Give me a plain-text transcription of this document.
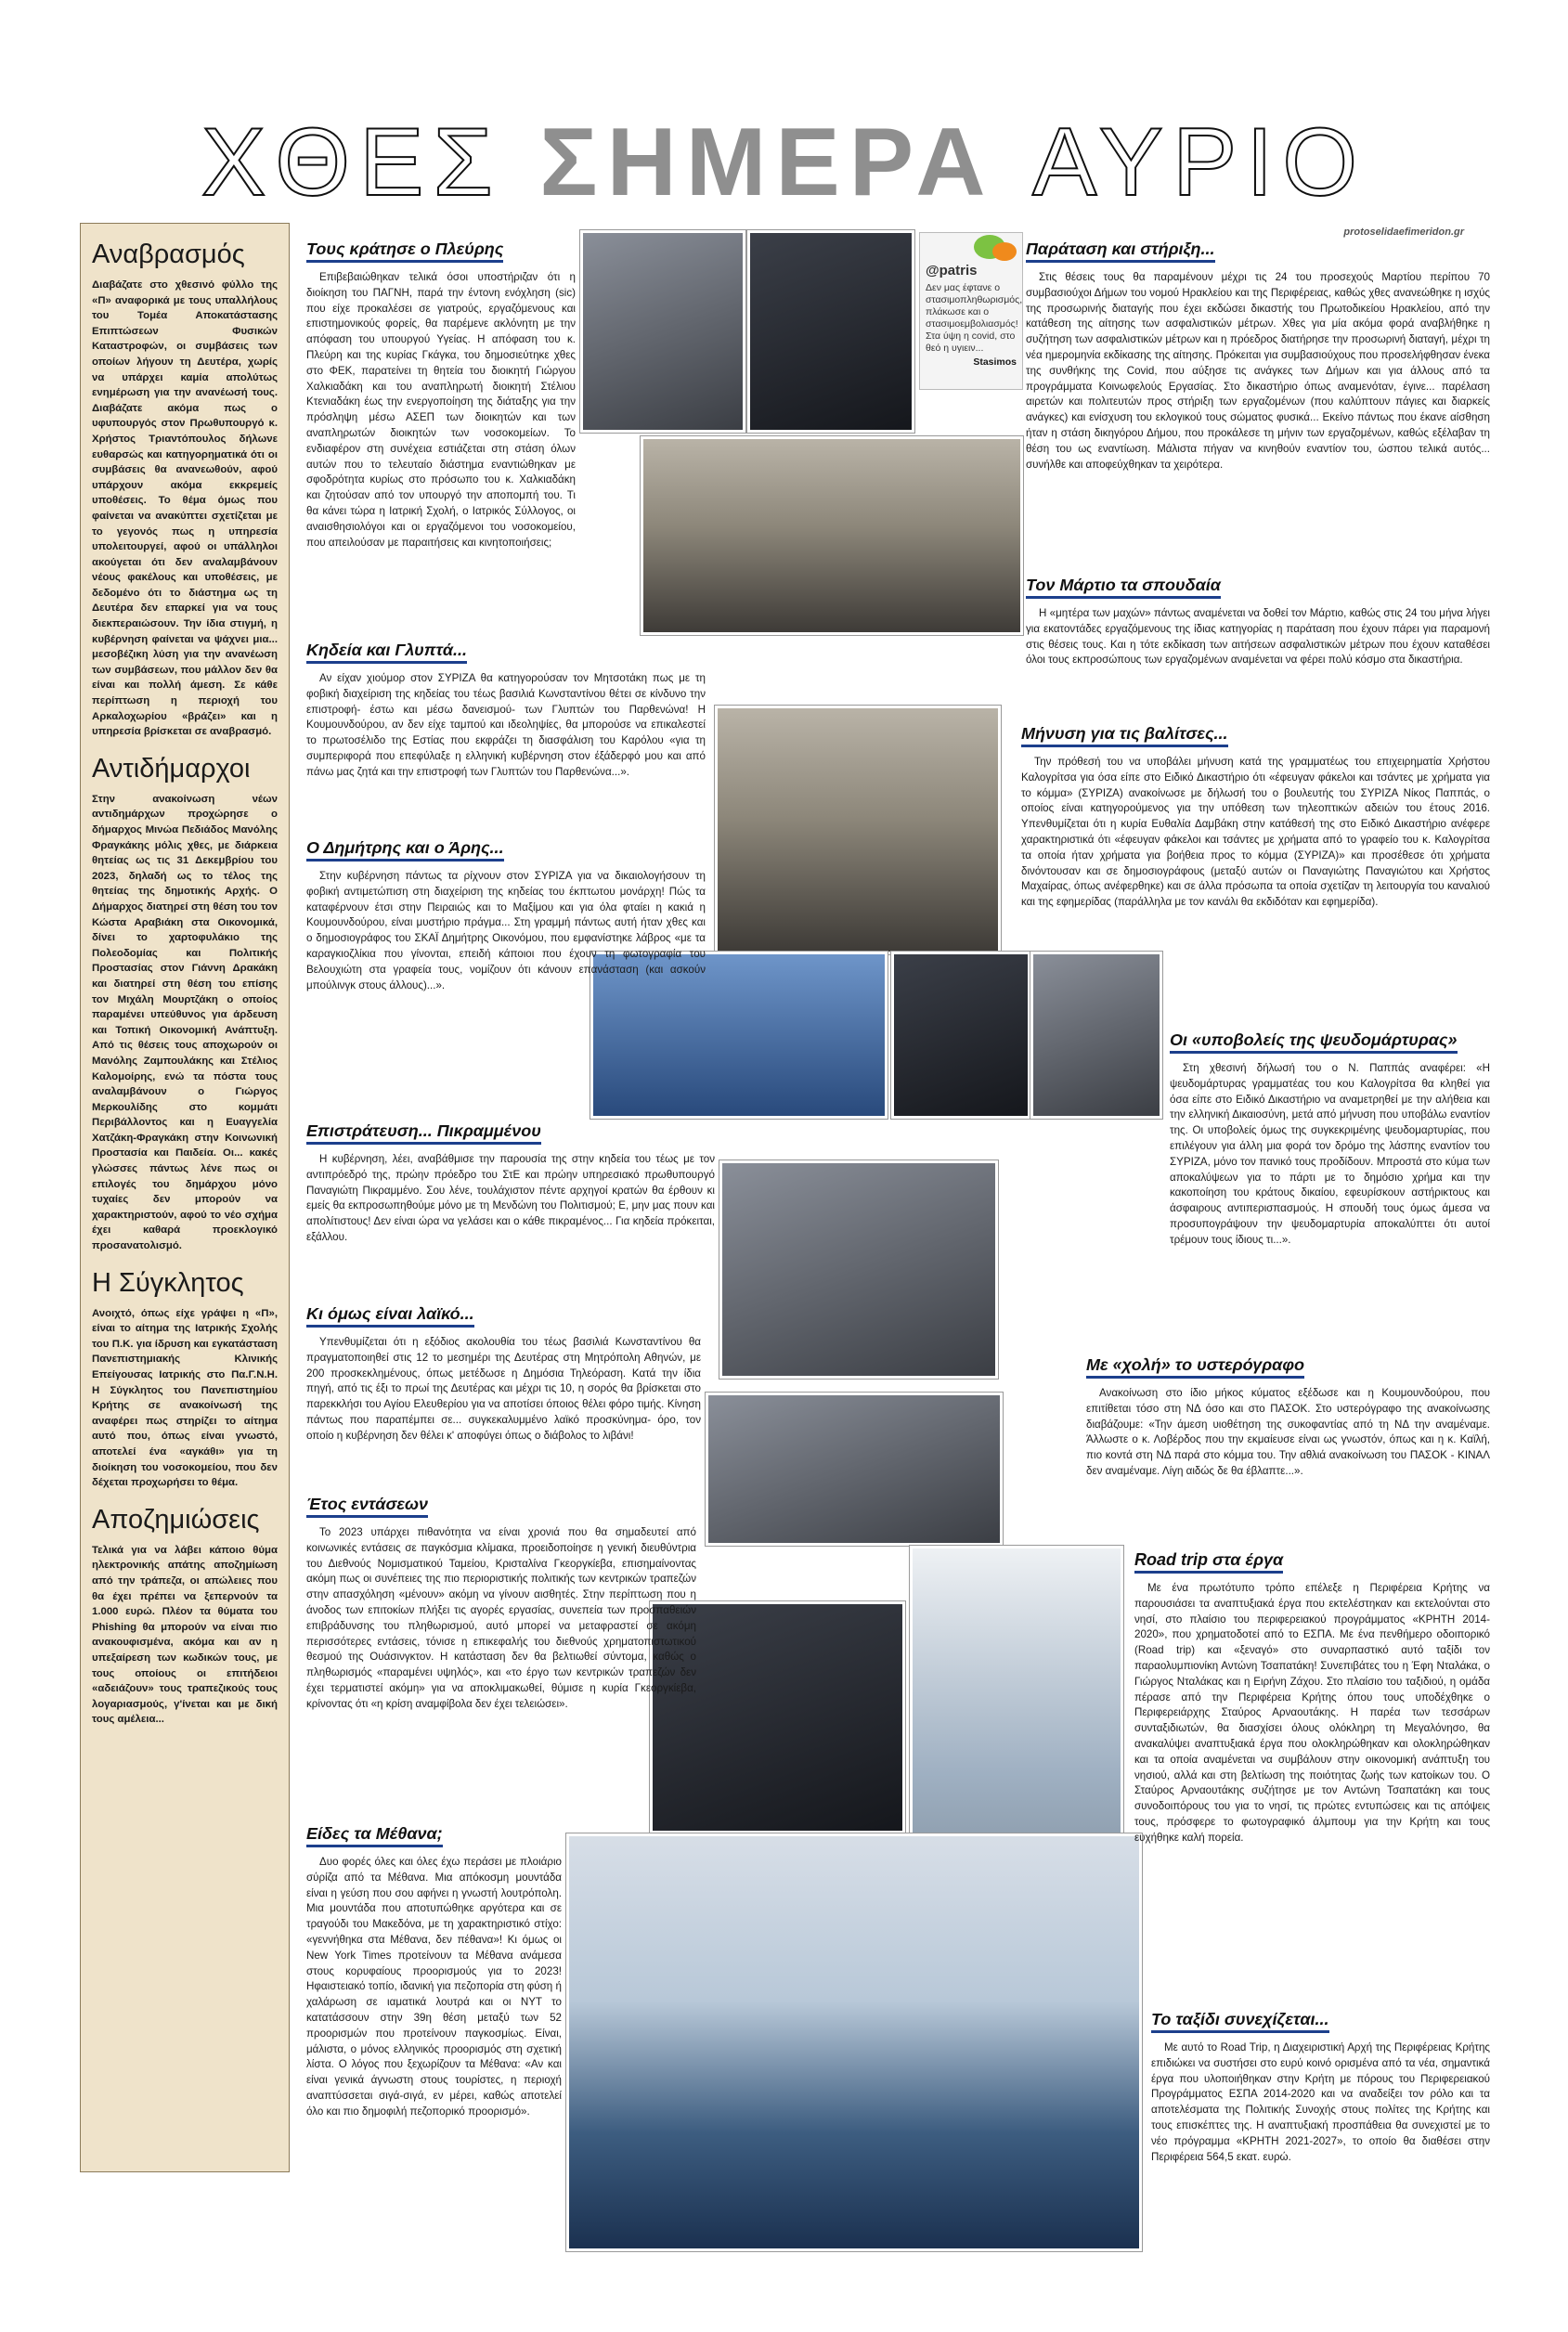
ΧΘΕΣ ΣΗΜΕΡΑ ΑΥΡΙΟ
protoselidaefimeridon.gr
Αναβρασμός

Διαβάζατε στο χθεσινό φύλλο της «Π» αναφορικά με τους υπαλλήλους του Τομέα Αποκατάστασης Επιπτώσεων Φυσικών Καταστροφών, οι συμβάσεις των οποίων λήγουν τη Δευτέρα, χωρίς να υπάρχει καμία απολύτως ενημέρωση για την ανανέωσή τους. Διαβάζατε ακόμα πως ο υφυπουργός στον Πρωθυπουργό κ. Χρήστος Τριαντόπουλος δήλωνε ευθαρσώς και κατηγορηματικά ότι οι συμβάσεις θα ανανεωθούν, αφού υπάρχουν ακόμα εκκρεμείς υποθέσεις. Το θέμα όμως που φαίνεται να ανακύπτει σχετίζεται με το γεγονός πως η υπηρεσία υπολειτουργεί, αφού οι υπάλληλοι ακούγεται ότι δεν αναλαμβάνουν νέους φακέλους και υποθέσεις, με δεδομένο ότι το διάστημα ως τη Δευτέρα δεν επαρκεί για να τους διεκπεραιώσουν. Την ίδια στιγμή, η κυβέρνηση φαίνεται να ψάχνει μια... μεσοβέζικη λύση για την ανανέωση των συμβάσεων, που μάλλον δεν θα είναι και πολλή άμεση. Σε κάθε περίπτωση η περιοχή του Αρκαλοχωρίου «βράζει» και η υπηρεσία βρίσκεται σε αναβρασμό.

Αντιδήμαρχοι

Στην ανακοίνωση νέων αντιδημάρχων προχώρησε ο δήμαρχος Μινώα Πεδιάδος Μανόλης Φραγκάκης μόλις χθες, με διάρκεια θητείας ως τις 31 Δεκεμβρίου του 2023, δηλαδή ως το τέλος της θητείας της δημοτικής Αρχής. Ο Δήμαρχος διατηρεί στη θέση του τον Κώστα Αραβιάκη στα Οικονομικά, δίνει το χαρτοφυλάκιο της Πολεοδομίας και Πολιτικής Προστασίας στον Γιάννη Δρακάκη και διατηρεί στη θέση του επίσης τον Μιχάλη Μουρτζάκη ο οποίος παραμένει υπεύθυνος για άρδευση και Τοπική Οικονομική Ανάπτυξη. Από τις θέσεις τους αποχωρούν οι Μανόλης Ζαμπουλάκης και Στέλιος Καλομοίρης, ενώ τα πόστα τους αναλαμβάνουν ο Γιώργος Μερκουλίδης στο κομμάτι Περιβάλλοντος και η Ευαγγελία Χατζάκη-Φραγκάκη στην Κοινωνική Προστασία και Παιδεία. Οι... κακές γλώσσες πάντως λένε πως οι επιλογές του δημάρχου μόνο τυχαίες δεν μπορούν να χαρακτηριστούν, αφού το νέο σχήμα έχει καθαρά προεκλογικό προσανατολισμό.

Η Σύγκλητος

Ανοιχτό, όπως είχε γράψει η «Π», είναι το αίτημα της Ιατρικής Σχολής του Π.Κ. για ίδρυση και εγκατάσταση Πανεπιστημιακής Κλινικής Επείγουσας Ιατρικής στο Πα.Γ.Ν.Η. Η Σύγκλητος του Πανεπιστημίου Κρήτης σε ανακοίνωσή της αναφέρει πως στηρίζει το αίτημα αυτό που, όπως είναι γνωστό, αποτελεί ένα «αγκάθι» για τη διοίκηση του νοσοκομείου, που δεν δέχεται προχωρήσει το θέμα.

Αποζημιώσεις

Τελικά για να λάβει κάποιο θύμα ηλεκτρονικής απάτης αποζημίωση από την τράπεζα, οι απώλειες που θα έχει πρέπει να ξεπερνούν τα 1.000 ευρώ. Πλέον τα θύματα του Phishing θα μπορούν να είναι πιο ανακουφισμένα, ακόμα και αν η υπεξαίρεση των κωδικών τους, με τους οποίους οι επιτήδειοι «αδειάζουν» τους τραπεζικούς τους λογαριασμούς, γ'ίνεται και με δική τους αμέλεια...

@patris
Δεν μας έφτανε ο στασιμοπληθωρισμός, πλάκωσε και ο στασιμοεμβολιασμός! Στα ύψη η covid, στο θεό η υγιειν...
Stasimos
Τους κράτησε ο Πλεύρης

Επιβεβαιώθηκαν τελικά όσοι υποστήριζαν ότι η διοίκηση του ΠΑΓΝΗ, παρά την έντονη ενόχληση (sic) που είχε προκαλέσει σε γιατρούς, εργαζόμενους και επιστημονικούς φορείς, θα παρέμενε ακλόνητη με την απόφαση του υπουργού Υγείας. Η απόφαση του κ. Πλεύρη και της κυρίας Γκάγκα, του δημοσιεύτηκε χθες στο ΦΕΚ, παρατείνει τη θητεία του διοικητή Γιώργου Χαλκιαδάκη και του αναπληρωτή διοικητή Στέλιου Κτενιαδάκη έως την ενεργοποίηση της διάταξης για την πρόσληψη μέσω ΑΣΕΠ των διοικητών και των αναπληρωτών διοικητών των νοσοκομείων. Το ενδιαφέρον στη συνέχεια εστιάζεται στη στάση όλων αυτών που το τελευταίο διάστημα εναντιώθηκαν με σφοδρότητα κυρίως στο πρόσωπο του κ. Χαλκιαδάκη και ζητούσαν από τον υπουργό την αποπομπή του. Τι θα κάνει τώρα η Ιατρική Σχολή, ο Ιατρικός Σύλλογος, οι αναισθησιολόγοι και οι εργαζόμενοι του νοσοκομείου, που απειλούσαν με παραιτήσεις και κινητοποιήσεις;

Κηδεία και Γλυπτά...

Αν είχαν χιούμορ στον ΣΥΡΙΖΑ θα κατηγορούσαν τον Μητσοτάκη πως με τη φοβική διαχείριση της κηδείας του τέως βασιλιά Κωνσταντίνου θέτει σε κίνδυνο την επιστροφή- έστω και μέσω δανεισμού- των Γλυπτών του Παρθενώνα! Η Κουμουνδούρου, αν δεν είχε ταμπού και ιδεοληψίες, θα μπορούσε να επικαλεστεί το πρωτοσέλιδο της Εστίας που εκφράζει τη διασφάλιση του Καρόλου «για τη συμπεριφορά που επεφύλαξε η ελληνική κυβέρνηση στον έξάδερφό μου και από πάνω μας ζητά και την επιστροφή των Γλυπτών του Παρθενώνα...».

Ο Δημήτρης και ο Άρης...

Στην κυβέρνηση πάντως τα ρίχνουν στον ΣΥΡΙΖΑ για να δικαιολογήσουν τη φοβική αντιμετώπιση στη διαχείριση της κηδείας του έκπτωτου μονάρχη! Πώς τα καταφέρνουν έτσι στην Πειραιώς και το Μαξίμου και για όλα φταίει η κακιά η Κουμουνδούρου, είναι μυστήριο πράγμα... Στη γραμμή πάντως αυτή ήταν χθες και ο δημοσιογράφος του ΣΚΑΪ Δημήτρης Οικονόμου, που εμφανίστηκε λάβρος «με τα καραγκιοζλίκια που γίνονται, επειδή κάποιοι που έχουν τη φωτογραφία του Βελουχιώτη στα γραφεία τους, νομίζουν ότι κάνουν επανάσταση (και ασκούν μπούλινγκ στους άλλους)...».

Επιστράτευση... Πικραμμένου

Η κυβέρνηση, λέει, αναβάθμισε την παρουσία της στην κηδεία του τέως με τον αντιπρόεδρό της, πρώην πρόεδρο του ΣτΕ και πρώην υπηρεσιακό πρωθυπουργό Παναγιώτη Πικραμμένο. Σου λένε, τουλάχιστον πέντε αρχηγοί κρατών θα έρθουν κι εμείς θα εκπροσωπηθούμε μόνο με τη Μενδώνη του Πολιτισμού; Ε, μην μας πουν και απολίτιστους! Δεν είναι ώρα να γελάσει και ο κάθε πικραμένος... Για κηδεία πρόκειται, εξάλλου.

Κι όμως είναι λαϊκό...

Υπενθυμίζεται ότι η εξόδιος ακολουθία του τέως βασιλιά Κωνσταντίνου θα πραγματοποιηθεί στις 12 το μεσημέρι της Δευτέρας στη Μητρόπολη Αθηνών, με 200 προσκεκλημένους, όπως μετέδωσε η Δημόσια Τηλεόραση. Κατά την ίδια πηγή, από τις έξι το πρωί της Δευτέρας και μέχρι τις 10, η σορός θα βρίσκεται στο παρεκκλήσι του Αγίου Ελευθερίου για να αποτίσει όποιος θέλει φόρο τιμής. Κίνηση πάντως που παραπέμπει σε... συγκεκαλυμμένο λαϊκό προσκύνημα- όρο, τον οποίο η κυβέρνηση δεν θέλει κ' αποφύγει όπως ο διάβολος το λιβάνι!

Έτος εντάσεων

Το 2023 υπάρχει πιθανότητα να είναι χρονιά που θα σημαδευτεί από κοινωνικές εντάσεις σε παγκόσμια κλίμακα, προειδοποίησε η γενική διευθύντρια του Διεθνούς Νομισματικού Ταμείου, Κρισταλίνα Γκεοργκίεβα, επισημαίνοντας ακόμη πως οι συνέπειες της πιο περιοριστικής πολιτικής των κεντρικών τραπεζών στην απασχόληση «μένουν» ακόμη να γίνουν αισθητές. Στην περίπτωση που η άνοδος των επιτοκίων πλήξει τις αγορές εργασίας, συνεπεία των προσπαθειών επιβράδυνσης του πληθωρισμού, αυτό μπορεί να μεταφραστεί σε ακόμη περισσότερες εντάσεις, τόνισε η επικεφαλής του διεθνούς χρηματοπιστωτικού θεσμού της Ουάσινγκτον. Η κατάσταση δεν θα βελτιωθεί σύντομα, καθώς ο πληθωρισμός «παραμένει υψηλός», και «το έργο των κεντρικών τραπεζών δεν έχει τερματιστεί ακόμη» για να αποκλιμακωθεί, θύμισε η κυρία Γκεοργκίεβα, κρίνοντας ότι «η κρίση αναμφίβολα δεν έχει τελειώσει».

Είδες τα Μέθανα;

Δυο φορές όλες και όλες έχω περάσει με πλοιάριο σύρίζα από τα Μέθανα. Μια απόκοσμη μουντάδα είναι η γεύση που σου αφήνει η γνωστή λουτρόπολη. Μια μουντάδα που αποτυπώθηκε αργότερα και σε τραγούδι του Μακεδόνα, με τη χαρακτηριστικό στίχο: «γεννήθηκα στα Μέθανα, δεν πέθανα»! Κι όμως οι New York Times προτείνουν τα Μέθανα ανάμεσα στους κορυφαίους προορισμούς για το 2023! Ηφαιστειακό τοπίο, ιδανική για πεζοπορία στη φύση ή χαλάρωση σε ιαματικά λουτρά και οι NYT το κατατάσσουν στην 39η θέση μεταξύ των 52 προορισμών που προτείνουν παγκοσμίως. Είναι, μάλιστα, ο μόνος ελληνικός προορισμός στη σχετική λίστα. Ο λόγος που ξεχωρίζουν τα Μέθανα: «Αν και είναι γενικά άγνωστη στους τουρίστες, η περιοχή αναπτύσσεται σιγά-σιγά, εν μέρει, καθώς αποτελεί όλο και πιο δημοφιλή πεζοπορικό προορισμό».

Παράταση και στήριξη...

Στις θέσεις τους θα παραμένουν μέχρι τις 24 του προσεχούς Μαρτίου περίπου 70 συμβασιούχοι Δήμων του νομού Ηρακλείου και της Περιφέρειας, καθώς χθες ανανεώθηκε η ισχύς της προσωρινής διαταγής που έχει εκδώσει δικαστής του Πρωτοδικείου Ηρακλείου, από την κατάθεση της αίτησης των ασφαλιστικών μέτρων. Χθες για μία ακόμα φορά αναβλήθηκε η συζήτηση των ασφαλιστικών μέτρων και η πρόεδρος διατήρησε την προσωρινή διαταγή, μέχρι τη νέα ημερομηνία εκδίκασης της αίτησης. Πρόκειται για συμβασιούχους που προσελήφθησαν ένεκα της συνθήκης της Covid, που αύξησε τις ανάγκες των Δήμων και για άλλους από τα προγράμματα Κοινωφελούς Εργασίας. Στο δικαστήριο όπως αναμενόταν, έγινε... παρέλαση αιρετών και πολιτευτών προς στήριξη των εργαζομένων (που καλύπτουν πάγιες και διαρκείς ανάγκες) και ενίσχυση του εκλογικού τους σώματος φυσικά... Εκείνο πάντως που έκανε αίσθηση ήταν η στάση δικηγόρου Δήμου, που προκάλεσε τη μήνιν των εργαζομένων, καθώς εξέλαβαν τη θέση του ως εναντίωση. Μάλιστα πήγαν να κινηθούν εναντίον του, ώσπου τελικά αυτός... συνήλθε και αποφεύχθηκαν τα χειρότερα.

Τον Μάρτιο τα σπουδαία

Η «μητέρα των μαχών» πάντως αναμένεται να δοθεί τον Μάρτιο, καθώς στις 24 του μήνα λήγει για εκατοντάδες εργαζόμενους της ίδιας κατηγορίας η παράταση που έχουν πάρει για παραμονή στις θέσεις τους. Και η τότε εκδίκαση των αιτήσεων ασφαλιστικών μέτρων που έχουν καταθέσει όλοι τους εκπροσώπους των εργαζομένων αναμένεται να φέρει πολύ κόσμο στα δικαστήρια.

Μήνυση για τις βαλίτσες...

Την πρόθεσή του να υποβάλει μήνυση κατά της γραμματέως του επιχειρηματία Χρήστου Καλογρίτσα για όσα είπε στο Ειδικό Δικαστήριο ότι «έφευγαν φάκελοι και τσάντες με χρήματα για το κόμμα» (ΣΥΡΙΖΑ) ανακοίνωσε με δήλωσή του ο βουλευτής του ΣΥΡΙΖΑ Νίκος Παππάς, ο οποίος είναι κατηγορούμενος για την υπόθεση των τηλεοπτικών αδειών του έτους 2016. Υπενθυμίζεται ότι η κυρία Ευθαλία Δαμβάκη στην κατάθεσή της στο Ειδικό Δικαστήριο ανέφερε χαρακτηριστικά ότι «έφευγαν φάκελοι και τσάντες με χρήματα από το γραφείο του κ. Καλογρίτσα τα οποία ήταν χρήματα για βοήθεια προς το κόμμα (ΣΥΡΙΖΑ)» και προσέθεσε ότι χρήματα δινόντουσαν και σε δημοσιογράφους (μεταξύ αυτών οι Παναγιώτης Παναγιώτου και Χρήστος Μαχαίρας, όπως ανέφερθηκε) και σε άλλα πρόσωπα τα οποία σχετίζαν τη λειτουργία του καναλιού και της εφημερίδας (παράλληλα με τον κανάλι θα εκδιδόταν και εφημερίδα).

Οι «υποβολείς της ψευδομάρτυρας»

Στη χθεσινή δήλωσή του ο Ν. Παππάς αναφέρει: «Η ψευδομάρτυρας γραμματέας του κου Καλογρίτσα θα κληθεί για όσα είπε στο Ειδικό Δικαστήριο να αναμετρηθεί με την αλήθεια και την ελληνική Δικαιοσύνη, μετά από μήνυση που υποβάλω εναντίον της. Οι υποβολείς όμως της συγκεκριμένης ψευδομαρτυρίας, που επιλέγουν για άλλη μια φορά τον δρόμο της λάσπης εναντίον του ΣΥΡΙΖΑ, μόνο τον πανικό τους προδίδουν. Μπροστά στο κύμα των αποκαλύψεων για το πάρτι με το δημόσιο χρήμα και την κακοποίηση του κράτους δικαίου, εφευρίσκουν αστήρικτους και άσφαιρους αντιπερισπασμούς. Η σπουδή τους όμως άμεσα να προσυπογράψουν την ψευδομαρτυρία αποκαλύπτει ότι αυτοί τρέμουν τους ίδιους τι...».

Με «χολή» το υστερόγραφο

Ανακοίνωση στο ίδιο μήκος κύματος εξέδωσε και η Κουμουνδούρου, που επιτίθεται τόσο στη ΝΔ όσο και στο ΠΑΣΟΚ. Στο υστερόγραφο της ανακοίνωσης διαβάζουμε: «Την άμεση υιοθέτηση της συκοφαντίας από τη ΝΔ την αναμέναμε. Άλλωστε ο κ. Λοβέρδος που την εκμαίευσε είναι ως γνωστόν, όπως και η κ. Καϊλή, πιο κοντά στη ΝΔ παρά στο κόμμα του. Την αθλιά ανακοίνωση του ΠΑΣΟΚ - ΚΙΝΑΛ δεν αναμέναμε. Λίγη αιδώς δε θα έβλαπτε...».

Road trip στα έργα

Με ένα πρωτότυπο τρόπο επέλεξε η Περιφέρεια Κρήτης να παρουσιάσει τα αναπτυξιακά έργα που εκτελέστηκαν και εκτελούνται στο νησί, στο πλαίσιο του περιφερειακού προγράμματος «ΚΡΗΤΗ 2014-2020», που χρηματοδοτεί από το ΕΣΠΑ. Με ένα πενθήμερο οδοιπορικό (Road trip) και «ξεναγό» στο συναρπαστικό αυτό ταξίδι τον παραολυμπιονίκη Αντώνη Τσαπατάκη! Συνεπιβάτες του η Έφη Νταλάκα, ο Γιώργος Νταλάκας και η Ειρήνη Ζάχου. Στο πλαίσιο του ταξιδιού, η ομάδα πέρασε από την Περιφέρεια Κρήτης όπου τους υποδέχθηκε ο Περιφερειάρχης Σταύρος Αρναουτάκης. Η παρέα των τεσσάρων συνταξιδιωτών, θα διασχίσει όλους ολόκληρη τη Μεγαλόνησο, θα ανακαλύψει αναπτυξιακά έργα που ολοκληρώθηκαν και ολοκληρώθηκαν και τα οποία αναμένεται να συμβάλουν στην οικονομική ανάπτυξη του νησιού, αλλά και στη βελτίωση της ποιότητας ζωής των κατοίκων του. Ο Σταύρος Αρναουτάκης συζήτησε με τον Αντώνη Τσαπατάκη και τους συνοδοιπόρους του για το νησί, τις πρώτες εντυπώσεις και τις απόψεις τους, πρόσφερε το φωτογραφικό άλμπουμ για την Κρήτη και τους ευχήθηκε καλή πορεία.

Το ταξίδι συνεχίζεται...

Με αυτό το Road Trip, η Διαχειριστική Αρχή της Περιφέρειας Κρήτης επιδιώκει να συστήσει στο ευρύ κοινό ορισμένα από τα νέα, σημαντικά έργα που υλοποιήθηκαν στην Κρήτη με πόρους του Περιφερειακού Προγράμματος ΕΣΠΑ 2014-2020 και να αναδείξει τον ρόλο και τα αποτελέσματα της Πολιτικής Συνοχής στους πολίτες της Κρήτης και τους επισκέπτες της. Η αναπτυξιακή προσπάθεια θα συνεχιστεί με το νέο πρόγραμμα «ΚΡΗΤΗ 2021-2027», το οποίο θα διαθέσει στην Περιφέρεια 564,5 εκατ. ευρώ.
